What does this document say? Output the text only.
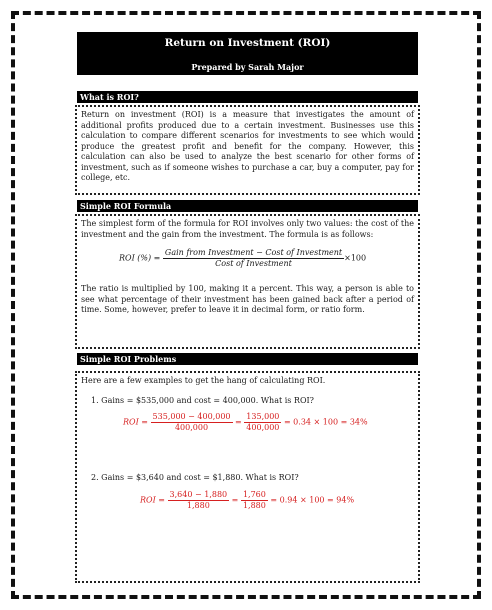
Return on Investment (ROI)
Prepared by Sarah Major
What is ROI?
Return on investment (ROI) is a measure that investigates the amount of additional profits produced due to a certain investment. Businesses use this calculation to compare different scenarios for investments to see which would produce the greatest profit and benefit for the company. However, this calculation can also be used to analyze the best scenario for other forms of investment, such as if someone wishes to purchase a car, buy a computer, pay for college, etc.
Simple ROI Formula
The simplest form of the formula for ROI involves only two values: the cost of the investment and the gain from the investment. The formula is as follows:
ROI (%) = $\frac{\text{Gain from Investment − Cost of Investment}}{\text{Cost of Investment}} \times 100$
The ratio is multiplied by 100, making it a percent. This way, a person is able to see what percentage of their investment has been gained back after a period of time. Some, however, prefer to leave it in decimal form, or ratio form.
Simple ROI Problems
Here are a few examples to get the hang of calculating ROI.
1. Gains = $535,000 and cost = 400,000. What is ROI?
ROI = $\frac{535,000 - 400,000}{400,000} = \frac{135,000}{400,000} = 0.34 \times 100 = 34\%$
2. Gains = $3,640 and cost = $1,880. What is ROI?
ROI = $\frac{3,640 - 1,880}{1,880} = \frac{1,760}{1,880} = 0.94 \times 100 = 94\%$
